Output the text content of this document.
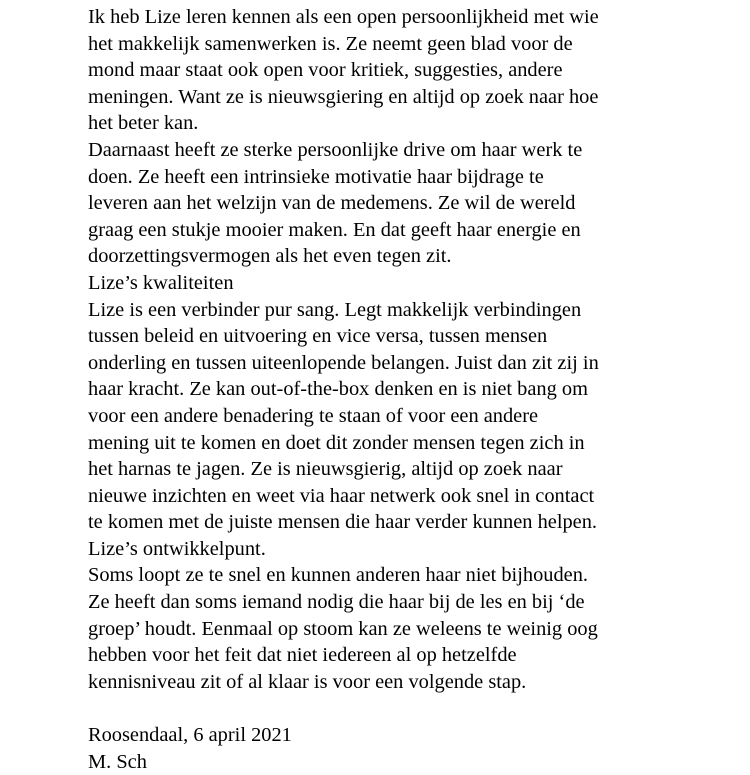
Ik heb Lize leren kennen als een open persoonlijkheid met wie
het makkelijk samenwerken is. Ze neemt geen blad voor de
mond maar staat ook open voor kritiek, suggesties, andere
meningen. Want ze is nieuwsgiering en altijd op zoek naar hoe
het beter kan.
Daarnaast heeft ze sterke persoonlijke drive om haar werk te
doen. Ze heeft een intrinsieke motivatie haar bijdrage te
leveren aan het welzijn van de medemens. Ze wil de wereld
graag een stukje mooier maken. En dat geeft haar energie en
doorzettingsvermogen als het even tegen zit.
Lize’s kwaliteiten
Lize is een verbinder pur sang. Legt makkelijk verbindingen
tussen beleid en uitvoering en vice versa, tussen mensen
onderling en tussen uiteenlopende belangen. Juist dan zit zij in
haar kracht. Ze kan out-of-the-box denken en is niet bang om
voor een andere benadering te staan of voor een andere
mening uit te komen en doet dit zonder mensen tegen zich in
het harnas te jagen. Ze is nieuwsgierig, altijd op zoek naar
nieuwe inzichten en weet via haar netwerk ook snel in contact
te komen met de juiste mensen die haar verder kunnen helpen.
Lize’s ontwikkelpunt.
Soms loopt ze te snel en kunnen anderen haar niet bijhouden.
Ze heeft dan soms iemand nodig die haar bij de les en bij ‘de
groep’ houdt. Eenmaal op stoom kan ze weleens te weinig oog
hebben voor het feit dat niet iedereen al op hetzelfde
kennisniveau zit of al klaar is voor een volgende stap.
Roosendaal, 6 april 2021
M. Sch
